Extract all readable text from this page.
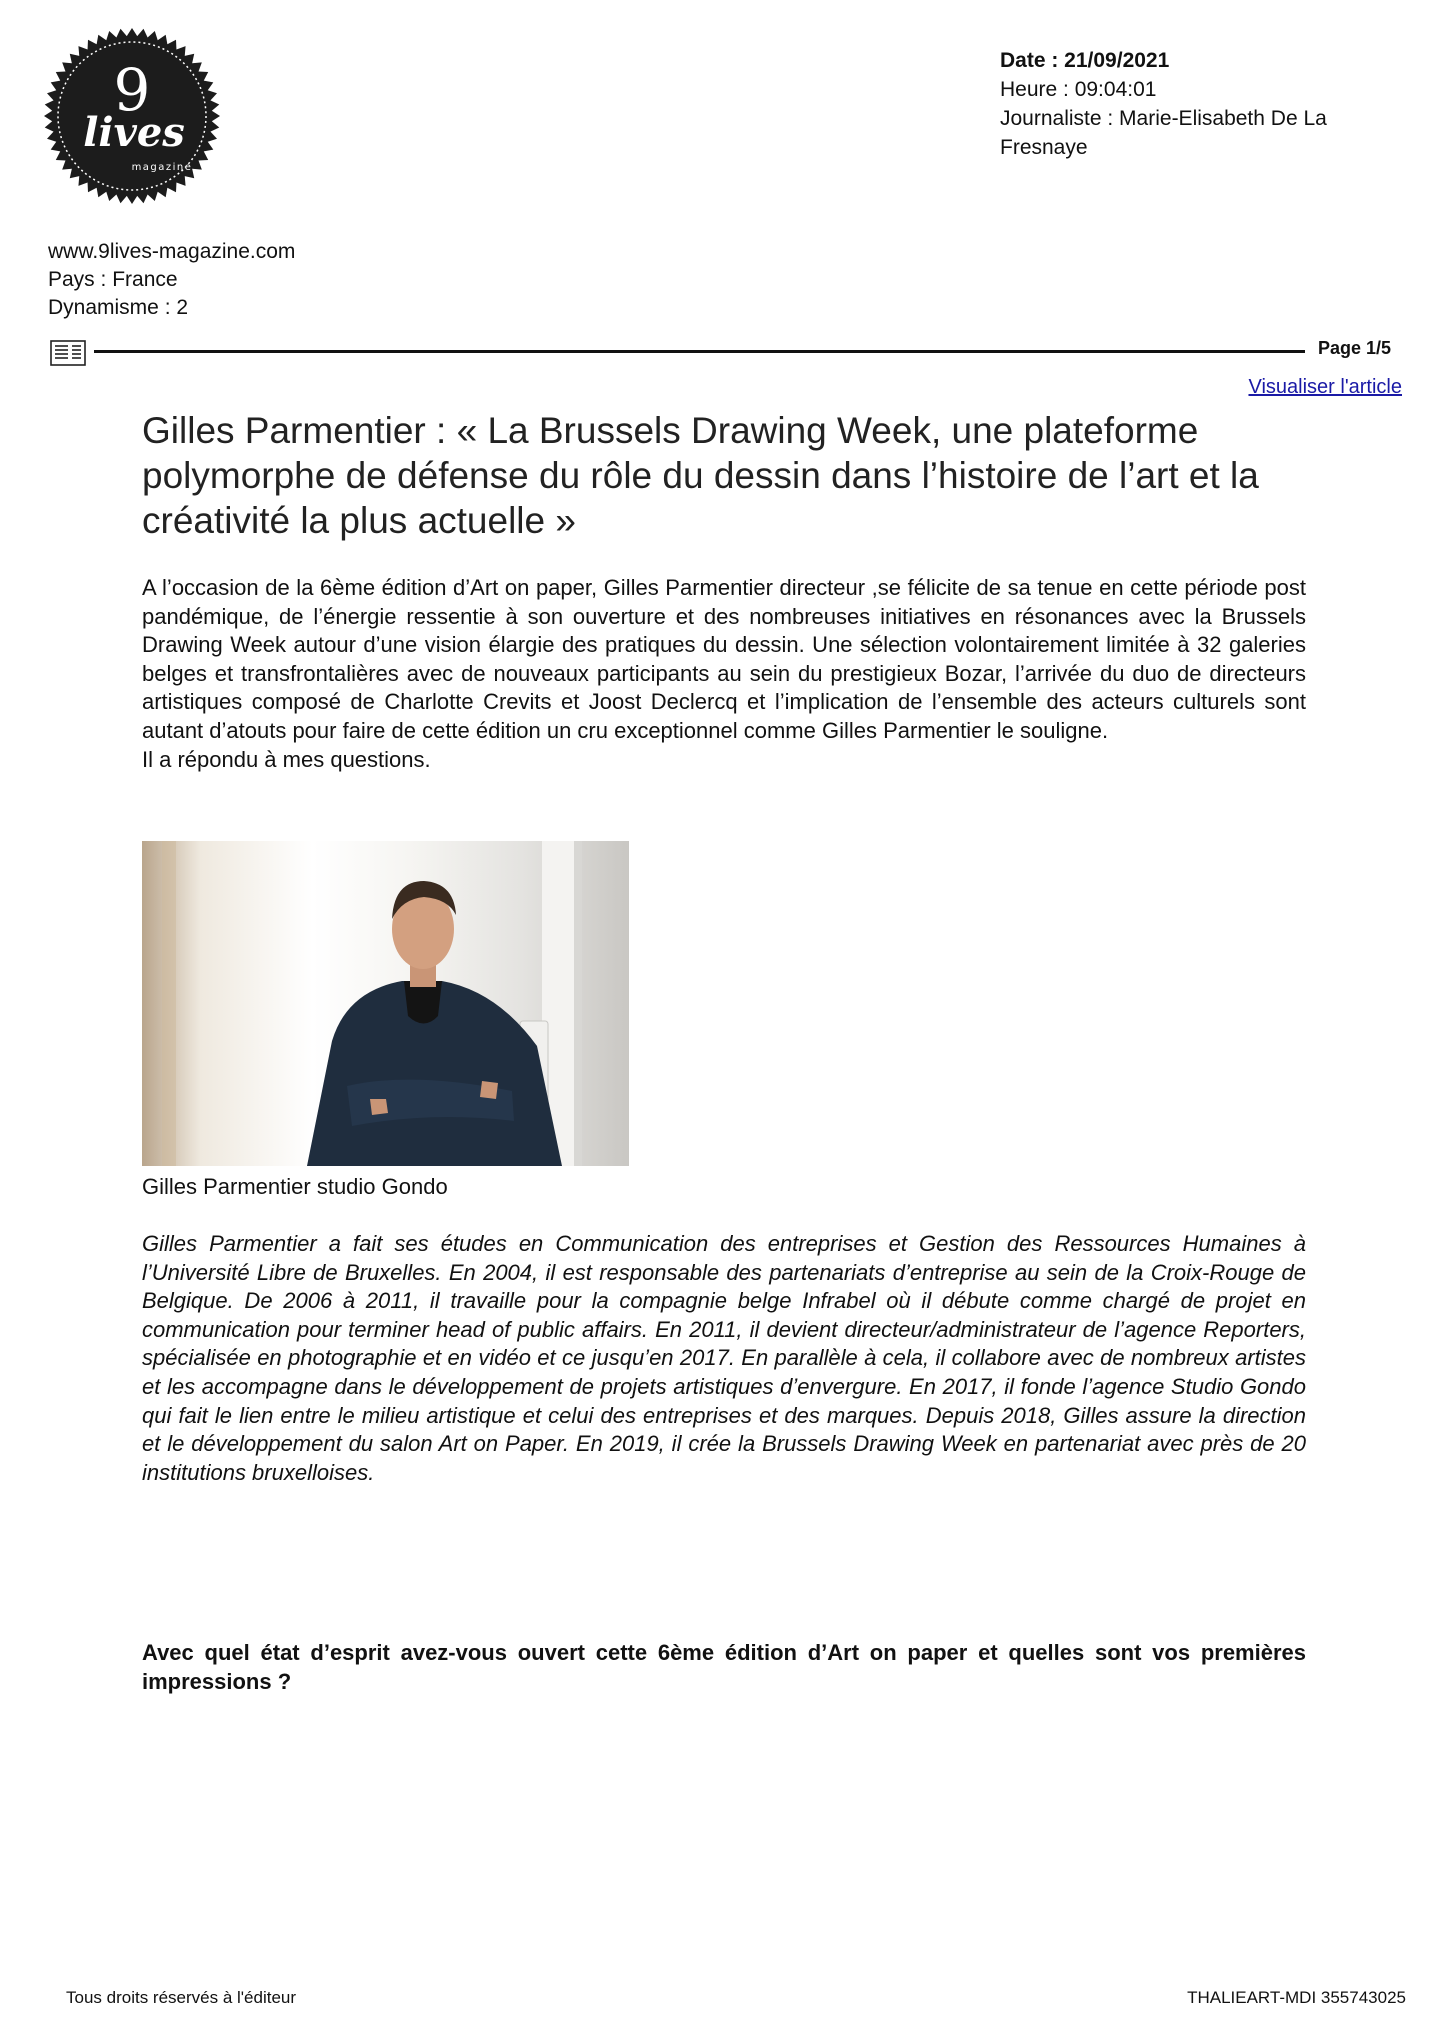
9
lives
magazine
Date : 21/09/2021
Heure : 09:04:01
Journaliste : Marie-Elisabeth De La
Fresnaye
www.9lives-magazine.com
Pays : France
Dynamisme : 2
Page 1/5
Visualiser l'article
Gilles Parmentier : « La Brussels Drawing Week, une plateforme polymorphe de défense du rôle du dessin dans l’histoire de l’art et la créativité la plus actuelle »

A l’occasion de la 6ème édition d’Art on paper, Gilles Parmentier directeur ,se félicite de sa tenue en cette période post pandémique, de l’énergie ressentie à son ouverture et des nombreuses initiatives en résonances avec la Brussels Drawing Week autour d’une vision élargie des pratiques du dessin. Une sélection volontairement limitée à 32 galeries belges et transfrontalières avec de nouveaux participants au sein du prestigieux Bozar, l’arrivée du duo de directeurs artistiques composé de Charlotte Crevits et Joost Declercq et l’implication de l’ensemble des acteurs culturels sont autant d’atouts pour faire de cette édition un cru exceptionnel comme Gilles Parmentier le souligne.

Il a répondu à mes questions.

Gilles Parmentier studio Gondo
Gilles Parmentier a fait ses études en Communication des entreprises et Gestion des Ressources Humaines à l’Université Libre de Bruxelles. En 2004, il est responsable des partenariats d’entreprise au sein de la Croix-Rouge de Belgique. De 2006 à 2011, il travaille pour la compagnie belge Infrabel où il débute comme chargé de projet en communication pour terminer head of public affairs. En 2011, il devient directeur/administrateur de l’agence Reporters, spécialisée en photographie et en vidéo et ce jusqu’en 2017. En parallèle à cela, il collabore avec de nombreux artistes et les accompagne dans le développement de projets artistiques d’envergure. En 2017, il fonde l’agence Studio Gondo qui fait le lien entre le milieu artistique et celui des entreprises et des marques. Depuis 2018, Gilles assure la direction et le développement du salon Art on Paper. En 2019, il crée la Brussels Drawing Week en partenariat avec près de 20 institutions bruxelloises.
Avec quel état d’esprit avez-vous ouvert cette 6ème édition d’Art on paper et quelles sont vos premières impressions ?
Tous droits réservés à l'éditeur	THALIEART-MDI 355743025
